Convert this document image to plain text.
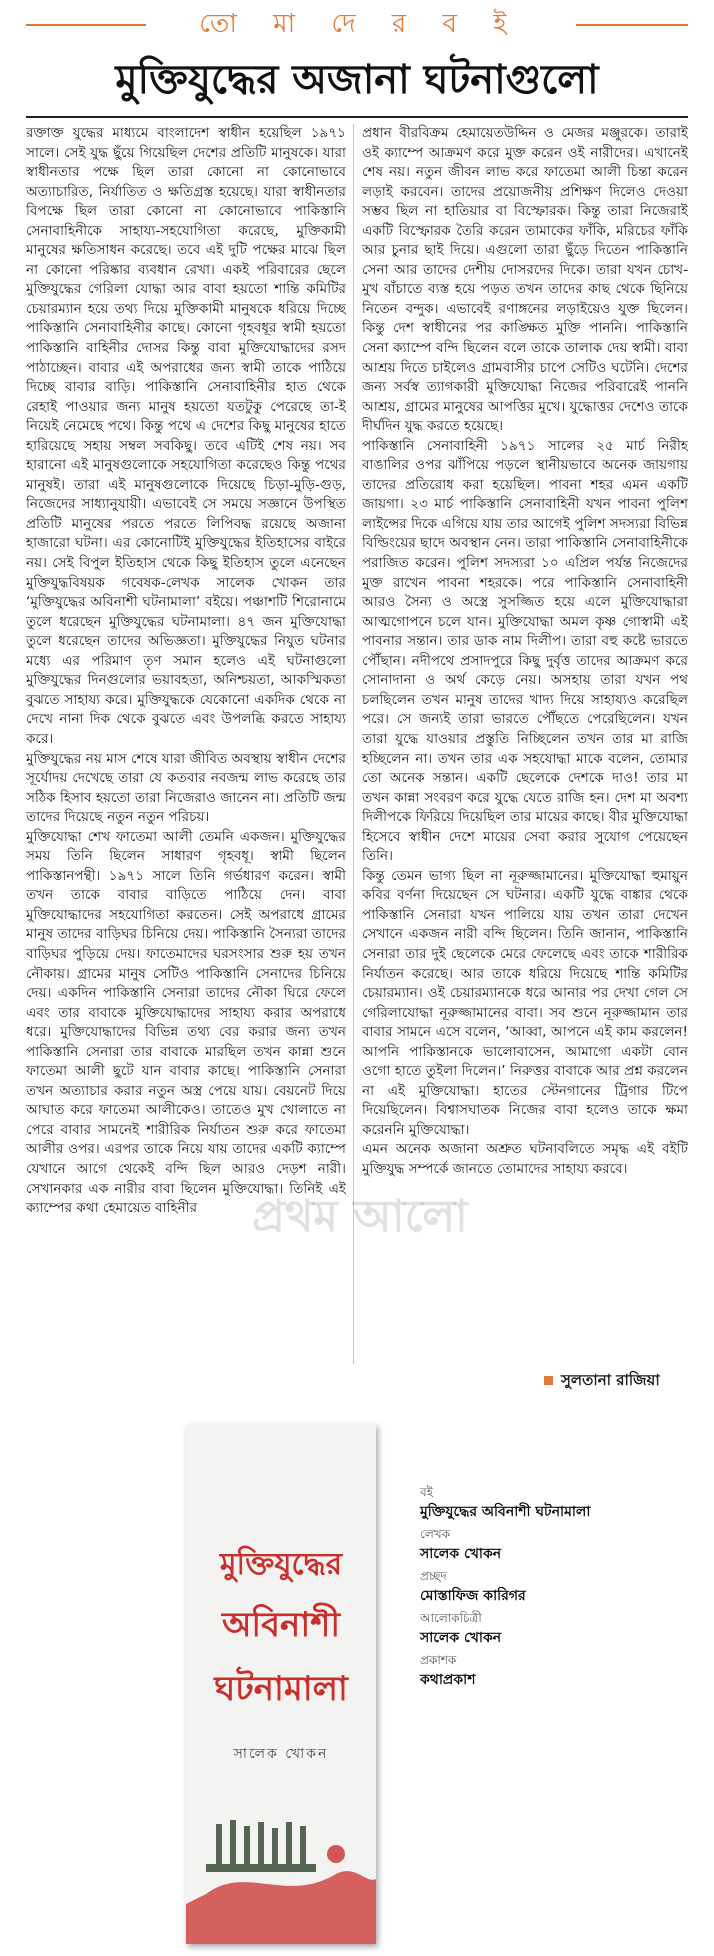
তো মা দে র ব ই
মুক্তিযুদ্ধের অজানা ঘটনাগুলো

রক্তাক্ত যুদ্ধের মাধ্যমে বাংলাদেশ স্বাধীন হয়েছিল ১৯৭১ সালে। সেই যুদ্ধ ছুঁয়ে গিয়েছিল দেশের প্রতিটি মানুষকে। যারা স্বাধীনতার পক্ষে ছিল তারা কোনো না কোনোভাবে অত্যাচারিত, নির্যাতিত ও ক্ষতিগ্রস্ত হয়েছে। যারা স্বাধীনতার বিপক্ষে ছিল তারা কোনো না কোনোভাবে পাকিস্তানি সেনাবাহিনীকে সাহায্য-সহযোগিতা করেছে, মুক্তিকামী মানুষের ক্ষতিসাধন করেছে। তবে এই দুটি পক্ষের মাঝে ছিল না কোনো পরিষ্কার ব্যবধান রেখা। একই পরিবারের ছেলে মুক্তিযুদ্ধের গেরিলা যোদ্ধা আর বাবা হয়তো শান্তি কমিটির চেয়ারম্যান হয়ে তথ্য দিয়ে মুক্তিকামী মানুষকে ধরিয়ে দিচ্ছে পাকিস্তানি সেনাবাহিনীর কাছে। কোনো গৃহবধূর স্বামী হয়তো পাকিস্তানি বাহিনীর দোসর কিন্তু বাবা মুক্তিযোদ্ধাদের রসদ পাঠাচ্ছেন। বাবার এই অপরাধের জন্য স্বামী তাকে পাঠিয়ে দিচ্ছে বাবার বাড়ি। পাকিস্তানি সেনাবাহিনীর হাত থেকে রেহাই পাওয়ার জন্য মানুষ হয়তো যতটুকু পেরেছে তা-ই নিয়েই নেমেছে পথে। কিন্তু পথে এ দেশের কিছু মানুষের হাতে হারিয়েছে সহায় সম্বল সবকিছু। তবে এটিই শেষ নয়। সব হারানো এই মানুষগুলোকে সহযোগিতা করেছেও কিন্তু পথের মানুষই। তারা এই মানুষগুলোকে দিয়েছে চিড়া-মুড়ি-গুড়, নিজেদের সাধ্যানুযায়ী। এভাবেই সে সময়ে সজ্ঞানে উপস্থিত প্রতিটি মানুষের পরতে পরতে লিপিবদ্ধ রয়েছে অজানা হাজারো ঘটনা। এর কোনোটিই মুক্তিযুদ্ধের ইতিহাসের বাইরে নয়। সেই বিপুল ইতিহাস থেকে কিছু ইতিহাস তুলে এনেছেন মুক্তিযুদ্ধবিষয়ক গবেষক-লেখক সালেক খোকন তার ‘মুক্তিযুদ্ধের অবিনাশী ঘটনামালা’ বইয়ে। পঞ্চাশটি শিরোনামে তুলে ধরেছেন মুক্তিযুদ্ধের ঘটনামালা। ৪৭ জন মুক্তিযোদ্ধা তুলে ধরেছেন তাদের অভিজ্ঞতা। মুক্তিযুদ্ধের নিযুত ঘটনার মধ্যে এর পরিমাণ তৃণ সমান হলেও এই ঘটনাগুলো মুক্তিযুদ্ধের দিনগুলোর ভয়াবহতা, অনিশ্চয়তা, আকস্মিকতা বুঝতে সাহায্য করে। মুক্তিযুদ্ধকে যেকোনো একদিক থেকে না দেখে নানা দিক থেকে বুঝতে এবং উপলব্ধি করতে সাহায্য করে।

মুক্তিযুদ্ধের নয় মাস শেষে যারা জীবিত অবস্থায় স্বাধীন দেশের সূর্যোদয় দেখেছে তারা যে কতবার নবজন্ম লাভ করেছে তার সঠিক হিসাব হয়তো তারা নিজেরাও জানেন না। প্রতিটি জন্ম তাদের দিয়েছে নতুন নতুন পরিচয়।

মুক্তিযোদ্ধা শেখ ফাতেমা আলী তেমনি একজন। মুক্তিযুদ্ধের সময় তিনি ছিলেন সাধারণ গৃহবধূ। স্বামী ছিলেন পাকিস্তানপন্থী। ১৯৭১ সালে তিনি গর্ভধারণ করেন। স্বামী তখন তাকে বাবার বাড়িতে পাঠিয়ে দেন। বাবা মুক্তিযোদ্ধাদের সহযোগিতা করতেন। সেই অপরাধে গ্রামের মানুষ তাদের বাড়িঘর চিনিয়ে দেয়। পাকিস্তানি সৈন্যরা তাদের বাড়িঘর পুড়িয়ে দেয়। ফাতেমাদের ঘরসংসার শুরু হয় তখন নৌকায়। গ্রামের মানুষ সেটিও পাকিস্তানি সেনাদের চিনিয়ে দেয়। একদিন পাকিস্তানি সেনারা তাদের নৌকা ঘিরে ফেলে এবং তার বাবাকে মুক্তিযোদ্ধাদের সাহায্য করার অপরাধে ধরে। মুক্তিযোদ্ধাদের বিভিন্ন তথ্য বের করার জন্য তখন পাকিস্তানি সেনারা তার বাবাকে মারছিল তখন কান্না শুনে ফাতেমা আলী ছুটে যান বাবার কাছে। পাকিস্তানি সেনারা তখন অত্যাচার করার নতুন অস্ত্র পেয়ে যায়। বেয়নেট দিয়ে আঘাত করে ফাতেমা আলীকেও। তাতেও মুখ খোলাতে না পেরে বাবার সামনেই শারীরিক নির্যাতন শুরু করে ফাতেমা আলীর ওপর। এরপর তাকে নিয়ে যায় তাদের একটি ক্যাম্পে যেখানে আগে থেকেই বন্দি ছিল আরও দেড়শ নারী। সেখানকার এক নারীর বাবা ছিলেন মুক্তিযোদ্ধা। তিনিই এই ক্যাম্পের কথা হেমায়েত বাহিনীর

প্রধান বীরবিক্রম হেমায়েতউদ্দিন ও মেজর মঞ্জুরকে। তারাই ওই ক্যাম্পে আক্রমণ করে মুক্ত করেন ওই নারীদের। এখানেই শেষ নয়। নতুন জীবন লাভ করে ফাতেমা আলী চিন্তা করেন লড়াই করবেন। তাদের প্রয়োজনীয় প্রশিক্ষণ দিলেও দেওয়া সম্ভব ছিল না হাতিয়ার বা বিস্ফোরক। কিন্তু তারা নিজেরাই একটি বিস্ফোরক তৈরি করেন তামাকের ফাঁকি, মরিচের ফাঁকি আর চুনার ছাই দিয়ে। এগুলো তারা ছুঁড়ে দিতেন পাকিস্তানি সেনা আর তাদের দেশীয় দোসরদের দিকে। তারা যখন চোখ-মুখ বাঁচাতে ব্যস্ত হয়ে পড়ত তখন তাদের কাছ থেকে ছিনিয়ে নিতেন বন্দুক। এভাবেই রণাঙ্গনের লড়াইয়েও যুক্ত ছিলেন। কিন্তু দেশ স্বাধীনের পর কাঙ্ক্ষিত মুক্তি পাননি। পাকিস্তানি সেনা ক্যাম্পে বন্দি ছিলেন বলে তাকে তালাক দেয় স্বামী। বাবা আশ্রয় দিতে চাইলেও গ্রামবাসীর চাপে সেটিও ঘটেনি। দেশের জন্য সর্বস্ব ত্যাগকারী মুক্তিযোদ্ধা নিজের পরিবারেই পাননি আশ্রয়, গ্রামের মানুষের আপত্তির মুখে। যুদ্ধোত্তর দেশেও তাকে দীর্ঘদিন যুদ্ধ করতে হয়েছে।

পাকিস্তানি সেনাবাহিনী ১৯৭১ সালের ২৫ মার্চ নিরীহ বাঙালির ওপর ঝাঁপিয়ে পড়লে স্থানীয়ভাবে অনেক জায়গায় তাদের প্রতিরোধ করা হয়েছিল। পাবনা শহর এমন একটি জায়গা। ২৩ মার্চ পাকিস্তানি সেনাবাহিনী যখন পাবনা পুলিশ লাইন্সের দিকে এগিয়ে যায় তার আগেই পুলিশ সদস্যরা বিভিন্ন বিল্ডিংয়ের ছাদে অবস্থান নেন। তারা পাকিস্তানি সেনাবাহিনীকে পরাজিত করেন। পুলিশ সদস্যরা ১০ এপ্রিল পর্যন্ত নিজেদের মুক্ত রাখেন পাবনা শহরকে। পরে পাকিস্তানি সেনাবাহিনী আরও সৈন্য ও অস্ত্রে সুসজ্জিত হয়ে এলে মুক্তিযোদ্ধারা আত্মগোপনে চলে যান। মুক্তিযোদ্ধা অমল কৃষ্ণ গোস্বামী এই পাবনার সন্তান। তার ডাক নাম দিলীপ। তারা বহু কষ্টে ভারতে পৌঁছান। নদীপথে প্রসাদপুরে কিছু দুর্বৃত্ত তাদের আক্রমণ করে সোনাদানা ও অর্থ কেড়ে নেয়। অসহায় তারা যখন পথ চলছিলেন তখন মানুষ তাদের খাদ্য দিয়ে সাহায্যও করেছিল পরে। সে জন্যই তারা ভারতে পৌঁছতে পেরেছিলেন। যখন তারা যুদ্ধে যাওয়ার প্রস্তুতি নিচ্ছিলেন তখন তার মা রাজি হচ্ছিলেন না। তখন তার এক সহযোদ্ধা মাকে বলেন, তোমার তো অনেক সন্তান। একটি ছেলেকে দেশকে দাও! তার মা তখন কান্না সংবরণ করে যুদ্ধে যেতে রাজি হন। দেশ মা অবশ্য দিলীপকে ফিরিয়ে দিয়েছিল তার মায়ের কাছে। বীর মুক্তিযোদ্ধা হিসেবে স্বাধীন দেশে মায়ের সেবা করার সুযোগ পেয়েছেন তিনি।

কিন্তু তেমন ভাগ্য ছিল না নূরুজ্জামানের। মুক্তিযোদ্ধা হুমায়ুন কবির বর্ণনা দিয়েছেন সে ঘটনার। একটি যুদ্ধে বাঙ্কার থেকে পাকিস্তানি সেনারা যখন পালিয়ে যায় তখন তারা দেখেন সেখানে একজন নারী বন্দি ছিলেন। তিনি জানান, পাকিস্তানি সেনারা তার দুই ছেলেকে মেরে ফেলেছে এবং তাকে শারীরিক নির্যাতন করেছে। আর তাকে ধরিয়ে দিয়েছে শান্তি কমিটির চেয়ারম্যান। ওই চেয়ারম্যানকে ধরে আনার পর দেখা গেল সে গেরিলাযোদ্ধা নূরুজ্জামানের বাবা। সব শুনে নূরুজ্জামান তার বাবার সামনে এসে বলেন, ‘আব্বা, আপনে এই কাম করলেন! আপনি পাকিস্তানকে ভালোবাসেন, আমাগো একটা বোন ওগো হাতে তুইলা দিলেন।’ নিরুত্তর বাবাকে আর প্রশ্ন করলেন না এই মুক্তিযোদ্ধা। হাতের স্টেনগানের ট্রিগার টিপে দিয়েছিলেন। বিশ্বাসঘাতক নিজের বাবা হলেও তাকে ক্ষমা করেননি মুক্তিযোদ্ধা।

এমন অনেক অজানা অশ্রুত ঘটনাবলিতে সমৃদ্ধ এই বইটি মুক্তিযুদ্ধ সম্পর্কে জানতে তোমাদের সাহায্য করবে।

প্রথম আলো
সুলতানা রাজিয়া
মুক্তিযুদ্ধের
অবিনাশী
ঘটনামালা
সালেক খোকন
বই
মুক্তিযুদ্ধের অবিনাশী ঘটনামালা
লেখক
সালেক খোকন
প্রচ্ছদ
মোস্তাফিজ কারিগর
আলোকচিত্রী
সালেক খোকন
প্রকাশক
কথাপ্রকাশ
